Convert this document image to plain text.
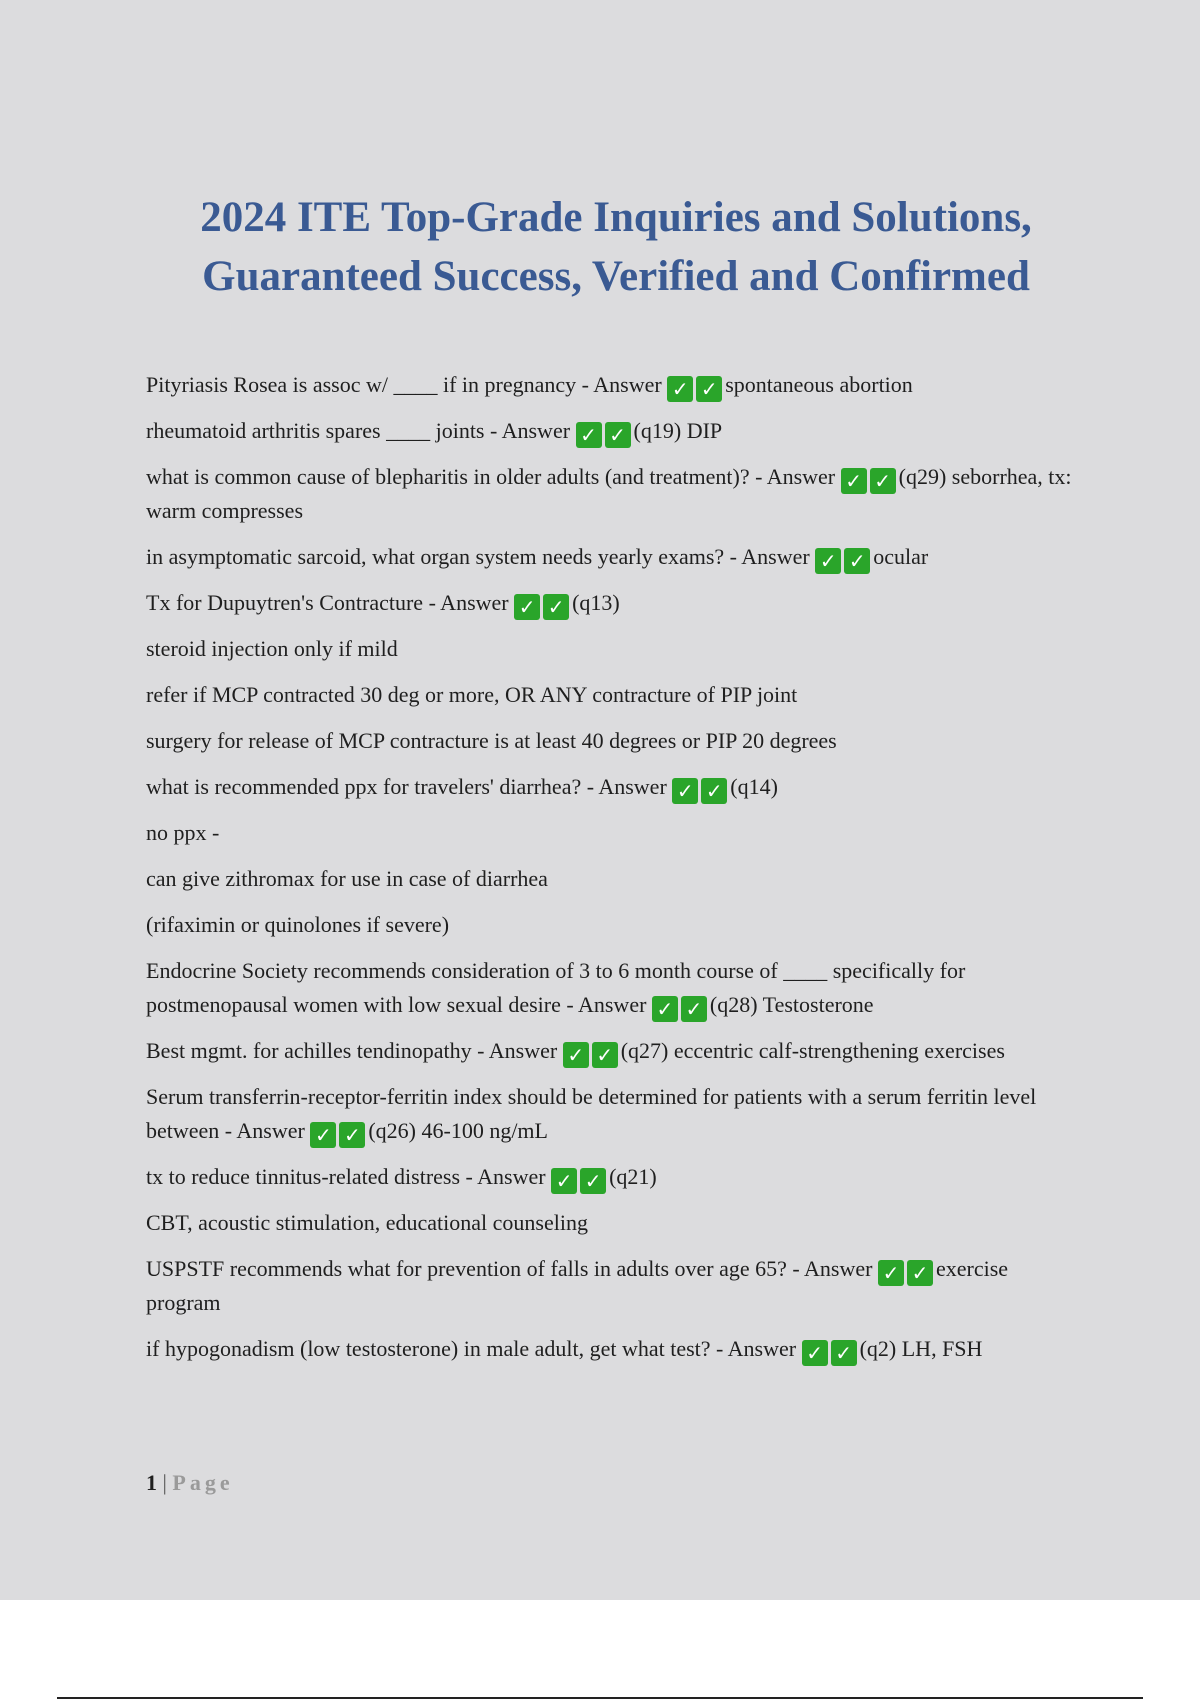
2024 ITE Top-Grade Inquiries and Solutions,
Guaranteed Success, Verified and Confirmed

Pityriasis Rosea is assoc w/ ____ if in pregnancy - Answer ✓ ✓ spontaneous abortion

rheumatoid arthritis spares ____ joints - Answer ✓ ✓ (q19) DIP

what is common cause of blepharitis in older adults (and treatment)? - Answer ✓ ✓ (q29) seborrhea, tx: warm compresses

in asymptomatic sarcoid, what organ system needs yearly exams? - Answer ✓ ✓ ocular

Tx for Dupuytren's Contracture - Answer ✓ ✓ (q13)

steroid injection only if mild

refer if MCP contracted 30 deg or more, OR ANY contracture of PIP joint

surgery for release of MCP contracture is at least 40 degrees or PIP 20 degrees

what is recommended ppx for travelers' diarrhea? - Answer ✓ ✓ (q14)

no ppx -

can give zithromax for use in case of diarrhea

(rifaximin or quinolones if severe)

Endocrine Society recommends consideration of 3 to 6 month course of ____ specifically for postmenopausal women with low sexual desire - Answer ✓ ✓ (q28) Testosterone

Best mgmt. for achilles tendinopathy - Answer ✓ ✓ (q27) eccentric calf-strengthening exercises

Serum transferrin-receptor-ferritin index should be determined for patients with a serum ferritin level between - Answer ✓ ✓ (q26) 46-100 ng/mL

tx to reduce tinnitus-related distress - Answer ✓ ✓ (q21)

CBT, acoustic stimulation, educational counseling

USPSTF recommends what for prevention of falls in adults over age 65? - Answer ✓ ✓ exercise program

if hypogonadism (low testosterone) in male adult, get what test? - Answer ✓ ✓ (q2) LH, FSH

1 | Page
